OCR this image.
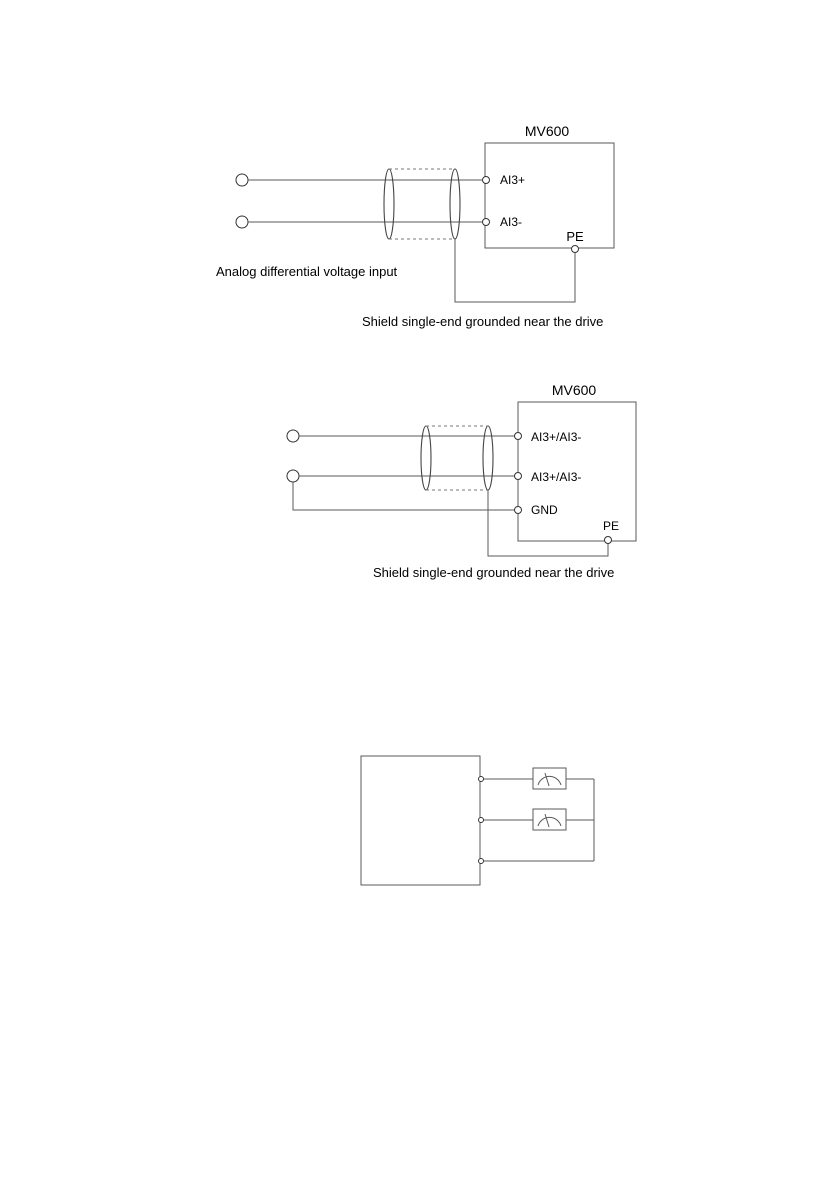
MV600
AI3+
AI3-
PE
Analog differential voltage input
Shield single-end grounded near the drive
MV600
AI3+/AI3-
AI3+/AI3-
GND
PE
Shield single-end grounded near the drive
